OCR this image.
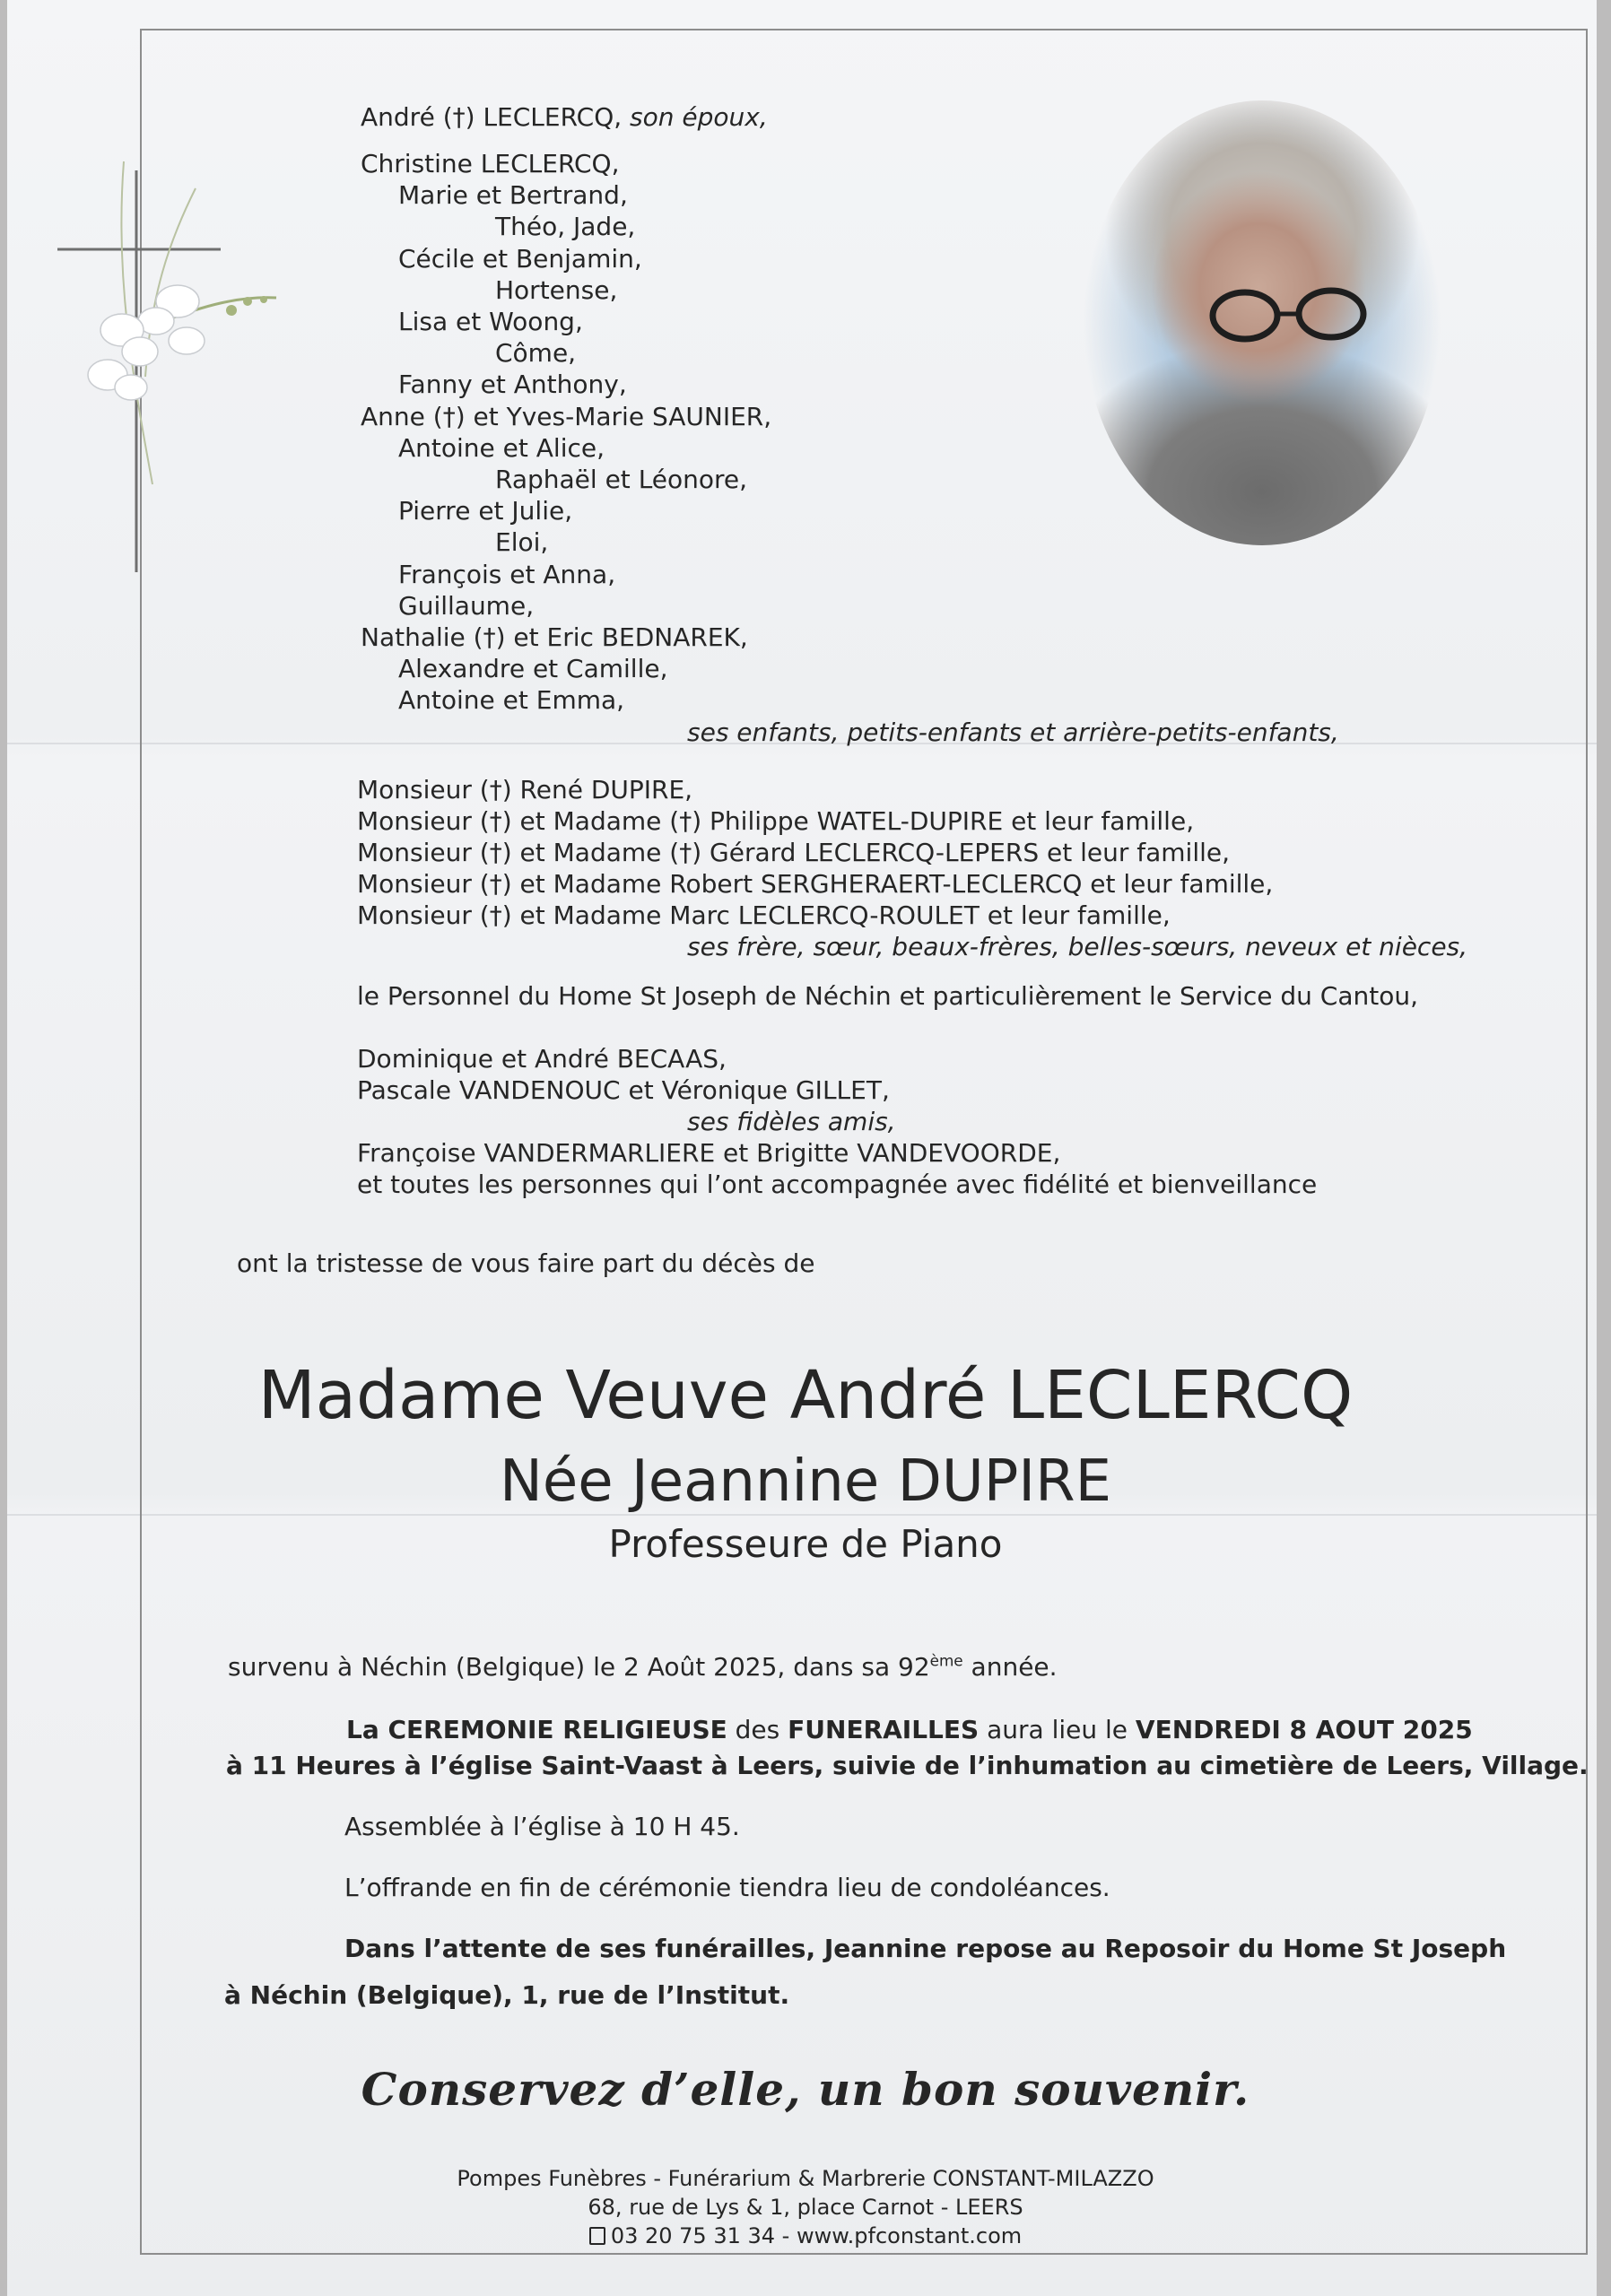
André (†) LECLERCQ, son époux,
Christine LECLERCQ,
Marie et Bertrand,
Théo, Jade,
Cécile et Benjamin,
Hortense,
Lisa et Woong,
Côme,
Fanny et Anthony,
Anne (†) et Yves-Marie SAUNIER,
Antoine et Alice,
Raphaël et Léonore,
Pierre et Julie,
Eloi,
François et Anna,
Guillaume,
Nathalie (†) et Eric BEDNAREK,
Alexandre et Camille,
Antoine et Emma,
ses enfants, petits-enfants et arrière-petits-enfants,
Monsieur (†) René DUPIRE,
Monsieur (†) et Madame (†) Philippe WATEL-DUPIRE et leur famille,
Monsieur (†) et Madame (†) Gérard LECLERCQ-LEPERS et leur famille,
Monsieur (†) et Madame Robert SERGHERAERT-LECLERCQ et leur famille,
Monsieur (†) et Madame Marc LECLERCQ-ROULET et leur famille,
ses frère, sœur, beaux-frères, belles-sœurs, neveux et nièces,
le Personnel du Home St Joseph de Néchin et particulièrement le Service du Cantou,
Dominique et André BECAAS,
Pascale VANDENOUC et Véronique GILLET,
ses fidèles amis,
Françoise VANDERMARLIERE et Brigitte VANDEVOORDE,
et toutes les personnes qui l’ont accompagnée avec fidélité et bienveillance
ont la tristesse de vous faire part du décès de
Madame Veuve André LECLERCQ
Née Jeannine DUPIRE
Professeure de Piano
survenu à Néchin (Belgique) le 2 Août 2025, dans sa 92ème année.
La CEREMONIE RELIGIEUSE des FUNERAILLES aura lieu le VENDREDI 8 AOUT 2025
à 11 Heures à l’église Saint-Vaast à Leers, suivie de l’inhumation au cimetière de Leers, Village.
Assemblée à l’église à 10 H 45.
L’offrande en fin de cérémonie tiendra lieu de condoléances.
Dans l’attente de ses funérailles, Jeannine repose au Reposoir du Home St Joseph
à Néchin (Belgique), 1, rue de l’Institut.
Conservez d’elle, un bon souvenir.
Pompes Funèbres - Funérarium & Marbrerie CONSTANT-MILAZZO
68, rue de Lys & 1, place Carnot - LEERS
03 20 75 31 34 - www.pfconstant.com
